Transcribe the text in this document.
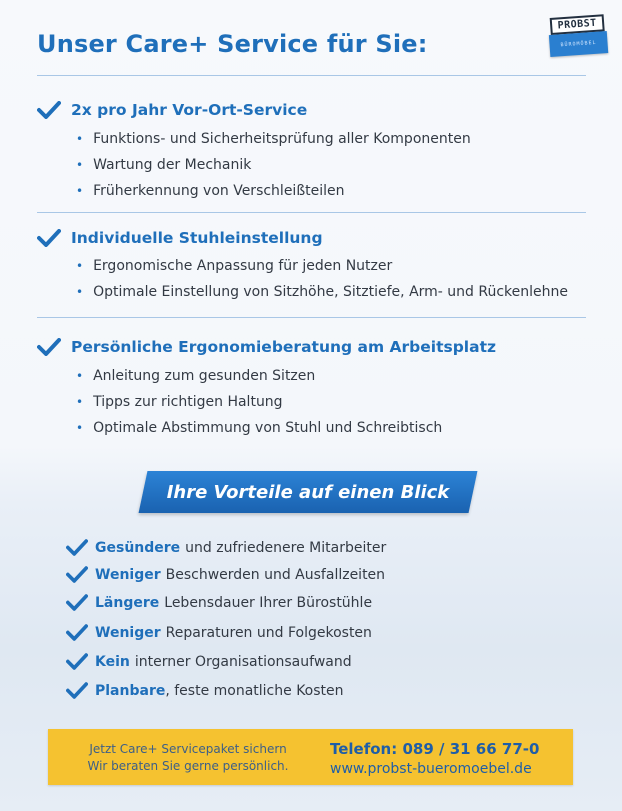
Unser Care+ Service für Sie:
PROBST
BÜROMÖBEL
2x pro Jahr Vor-Ort-Service
• Funktions- und Sicherheitsprüfung aller Komponenten
• Wartung der Mechanik
• Früherkennung von Verschleißteilen
Individuelle Stuhleinstellung
• Ergonomische Anpassung für jeden Nutzer
• Optimale Einstellung von Sitzhöhe, Sitztiefe, Arm- und Rückenlehne
Persönliche Ergonomieberatung am Arbeitsplatz
• Anleitung zum gesunden Sitzen
• Tipps zur richtigen Haltung
• Optimale Abstimmung von Stuhl und Schreibtisch
Ihre Vorteile auf einen Blick
Gesündere und zufriedenere Mitarbeiter
Weniger Beschwerden und Ausfallzeiten
Längere Lebensdauer Ihrer Bürostühle
Weniger Reparaturen und Folgekosten
Kein interner Organisationsaufwand
Planbare , feste monatliche Kosten
Jetzt Care+ Servicepaket sichern
Wir beraten Sie gerne persönlich.
Telefon: 089 / 31 66 77-0
www.probst-bueromoebel.de
